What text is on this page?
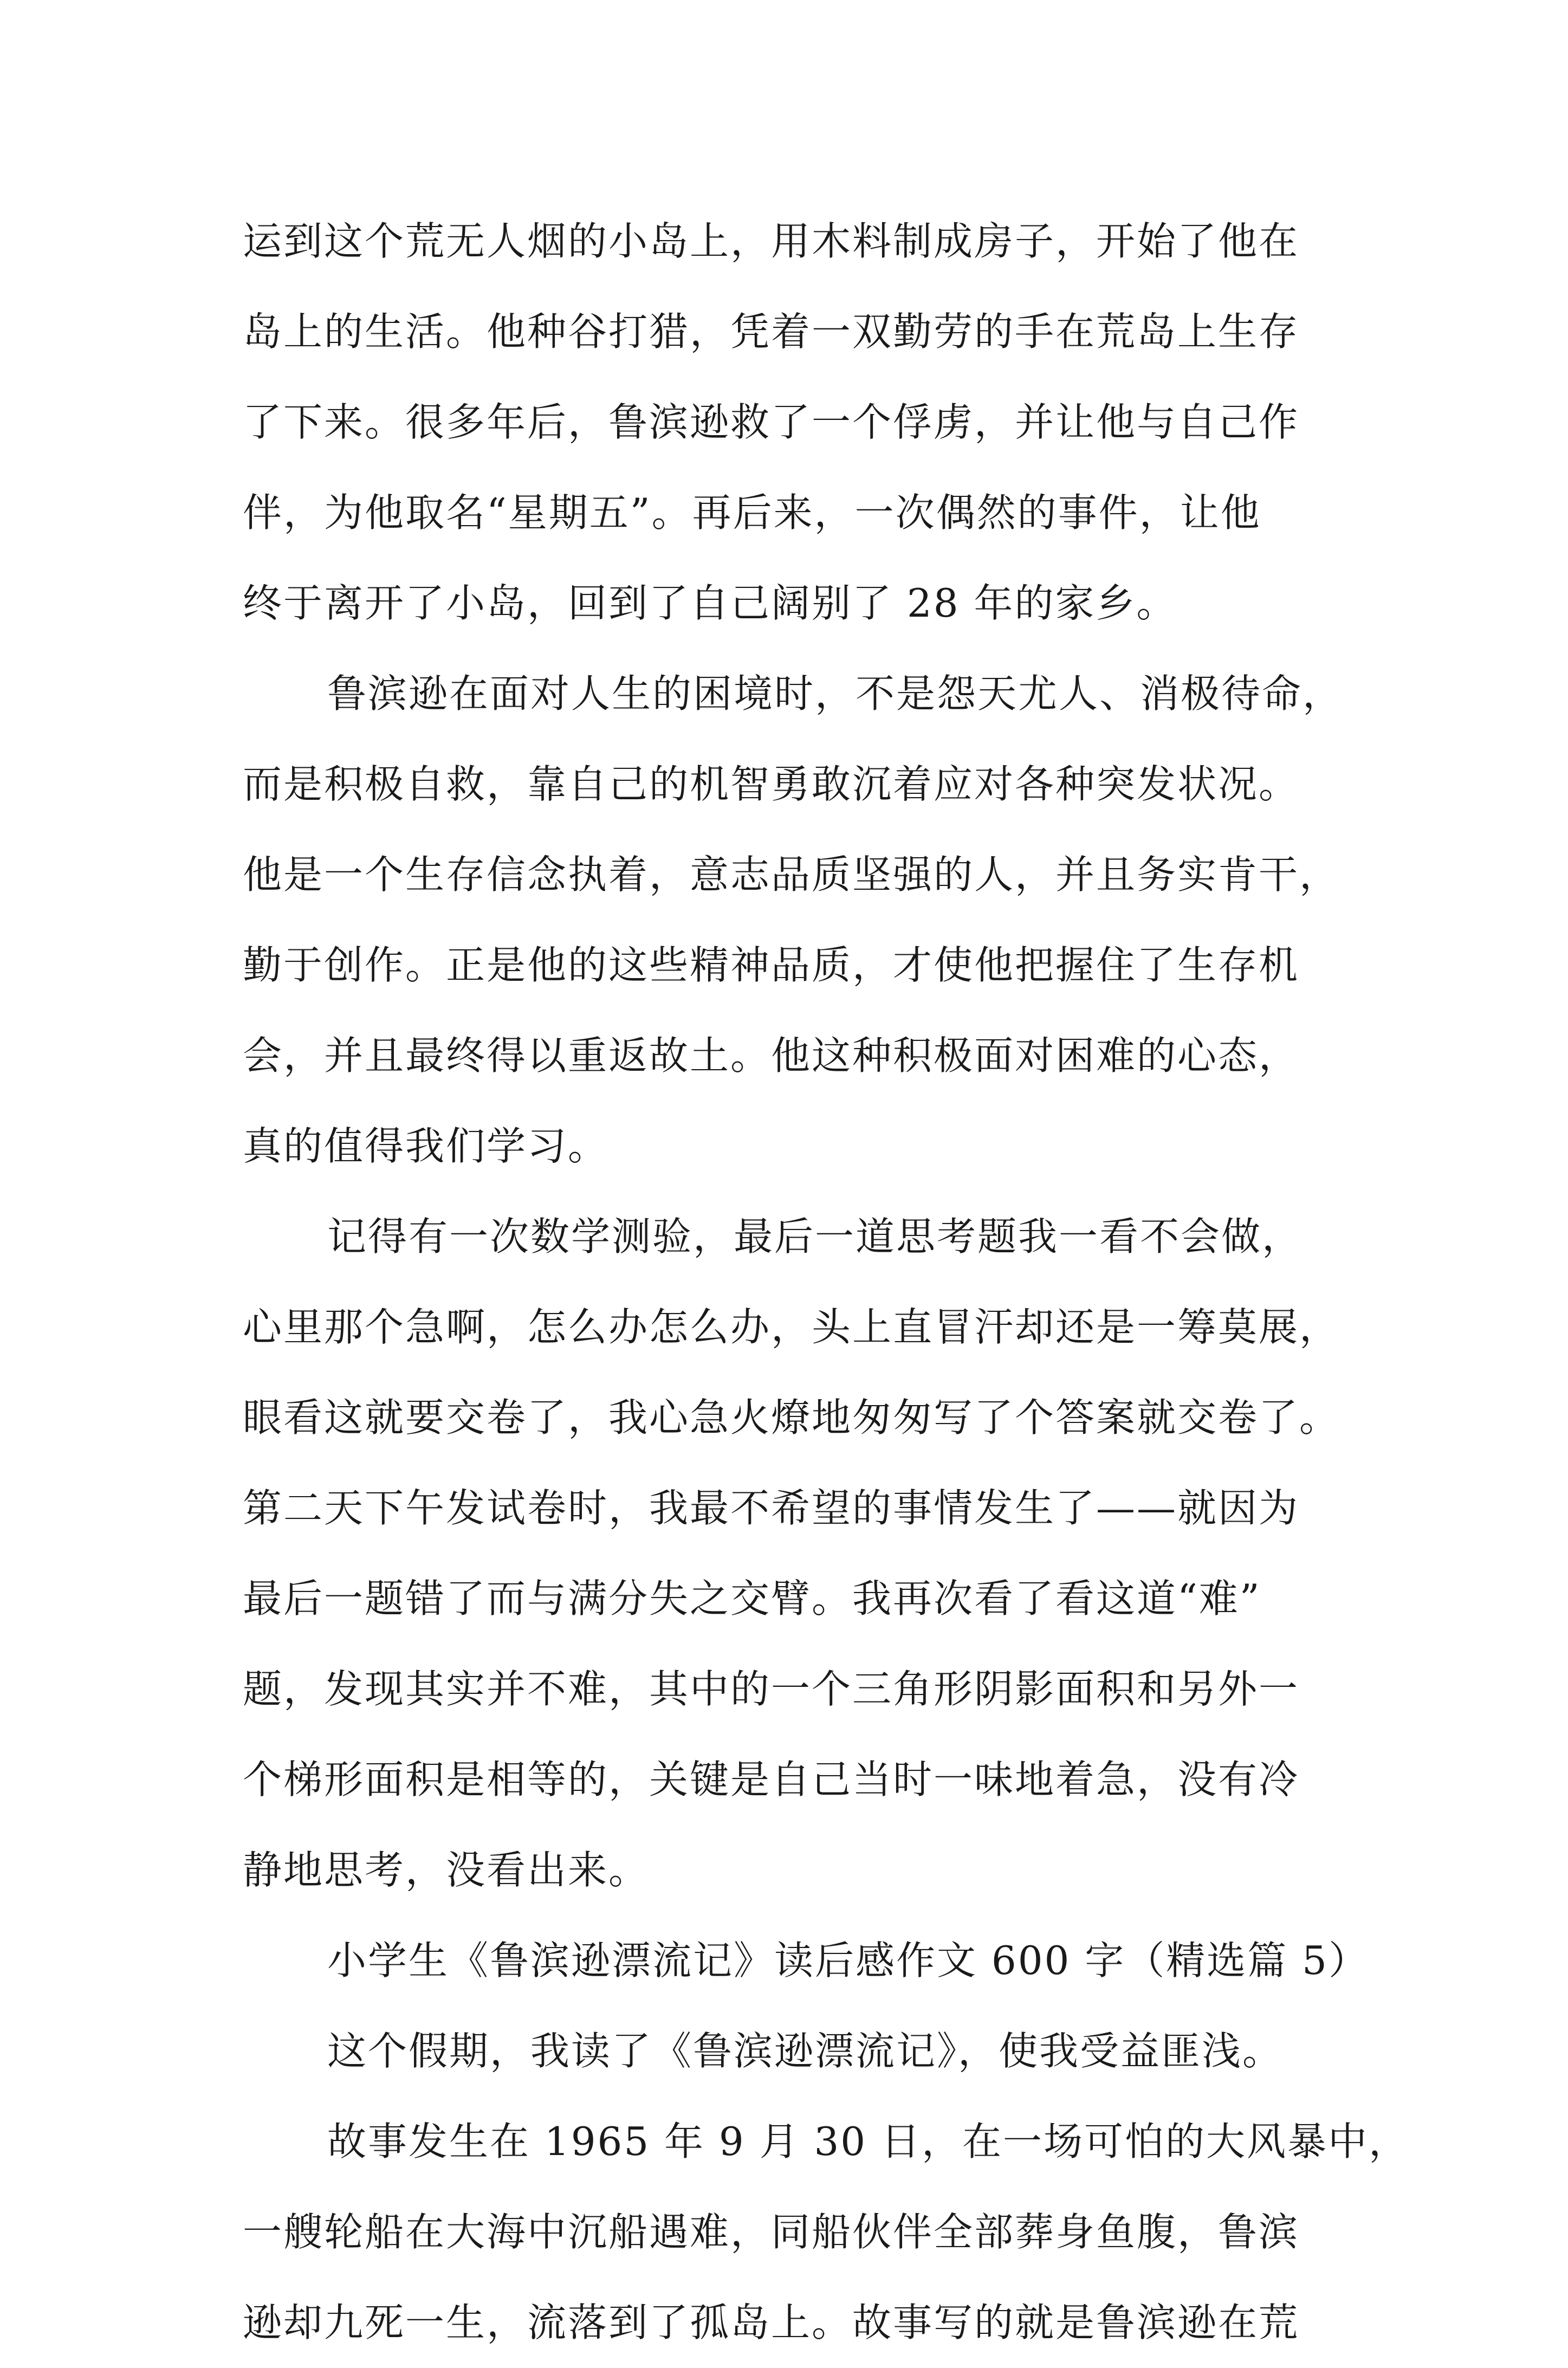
运到这个荒无人烟的小岛上，用木料制成房子，开始了他在
岛上的生活。他种谷打猎，凭着一双勤劳的手在荒岛上生存
了下来。很多年后，鲁滨逊救了一个俘虏，并让他与自己作
伴，为他取名“星期五”。再后来，一次偶然的事件，让他
终于离开了小岛，回到了自己阔别了 28 年的家乡。
鲁滨逊在面对人生的困境时，不是怨天尤人、消极待命，
而是积极自救，靠自己的机智勇敢沉着应对各种突发状况。
他是一个生存信念执着，意志品质坚强的人，并且务实肯干，
勤于创作。正是他的这些精神品质，才使他把握住了生存机
会，并且最终得以重返故土。他这种积极面对困难的心态，
真的值得我们学习。
记得有一次数学测验，最后一道思考题我一看不会做，
心里那个急啊，怎么办怎么办，头上直冒汗却还是一筹莫展，
眼看这就要交卷了，我心急火燎地匆匆写了个答案就交卷了。
第二天下午发试卷时，我最不希望的事情发生了——就因为
最后一题错了而与满分失之交臂。我再次看了看这道“难”
题，发现其实并不难，其中的一个三角形阴影面积和另外一
个梯形面积是相等的，关键是自己当时一味地着急，没有冷
静地思考，没看出来。
小学生《鲁滨逊漂流记》读后感作文 600 字（精选篇 5）
这个假期，我读了《鲁滨逊漂流记》，使我受益匪浅。
故事发生在 1965 年 9 月 30 日，在一场可怕的大风暴中，
一艘轮船在大海中沉船遇难，同船伙伴全部葬身鱼腹，鲁滨
逊却九死一生，流落到了孤岛上。故事写的就是鲁滨逊在荒
